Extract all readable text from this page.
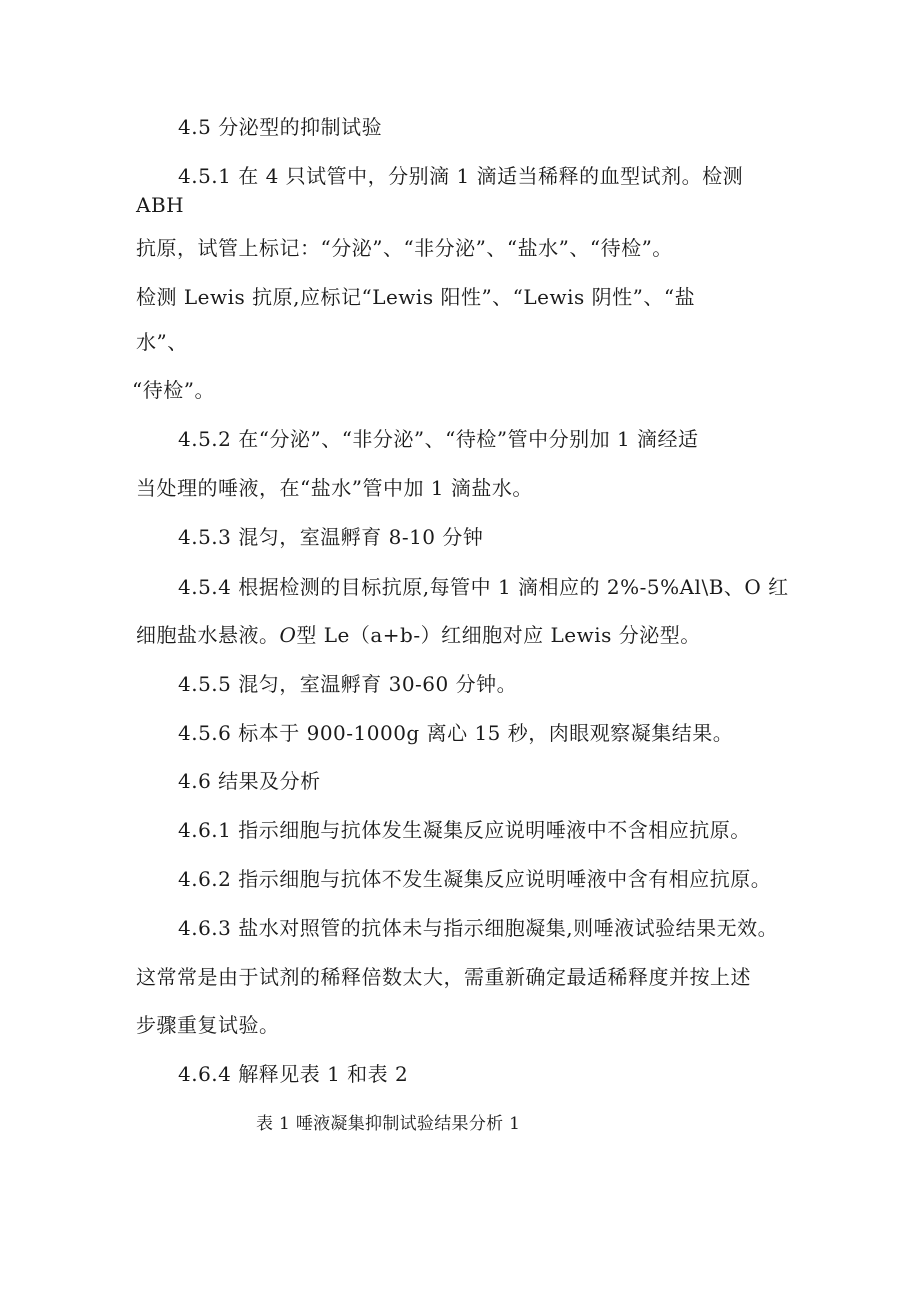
4.5 分泌型的抑制试验
4.5.1 在 4 只试管中，分别滴 1 滴适当稀释的血型试剂。检测
ABH
抗原，试管上标记：“分泌”、“非分泌”、“盐水”、“待检”。
检测 Lewis 抗原,应标记“Lewis 阳性”、“Lewis 阴性”、“盐
水”、
“待检”。
4.5.2 在“分泌”、“非分泌”、“待检”管中分别加 1 滴经适
当处理的唾液，在“盐水”管中加 1 滴盐水。
4.5.3 混匀，室温孵育 8-10 分钟
4.5.4 根据检测的目标抗原,每管中 1 滴相应的 2%-5%Al\B、O 红
细胞盐水悬液。O型 Le（a+b-）红细胞对应 Lewis 分泌型。
4.5.5 混匀，室温孵育 30-60 分钟。
4.5.6 标本于 900-1000g 离心 15 秒，肉眼观察凝集结果。
4.6 结果及分析
4.6.1 指示细胞与抗体发生凝集反应说明唾液中不含相应抗原。
4.6.2 指示细胞与抗体不发生凝集反应说明唾液中含有相应抗原。
4.6.3 盐水对照管的抗体未与指示细胞凝集,则唾液试验结果无效。
这常常是由于试剂的稀释倍数太大，需重新确定最适稀释度并按上述
步骤重复试验。
4.6.4 解释见表 1 和表 2
表 1 唾液凝集抑制试验结果分析 1
